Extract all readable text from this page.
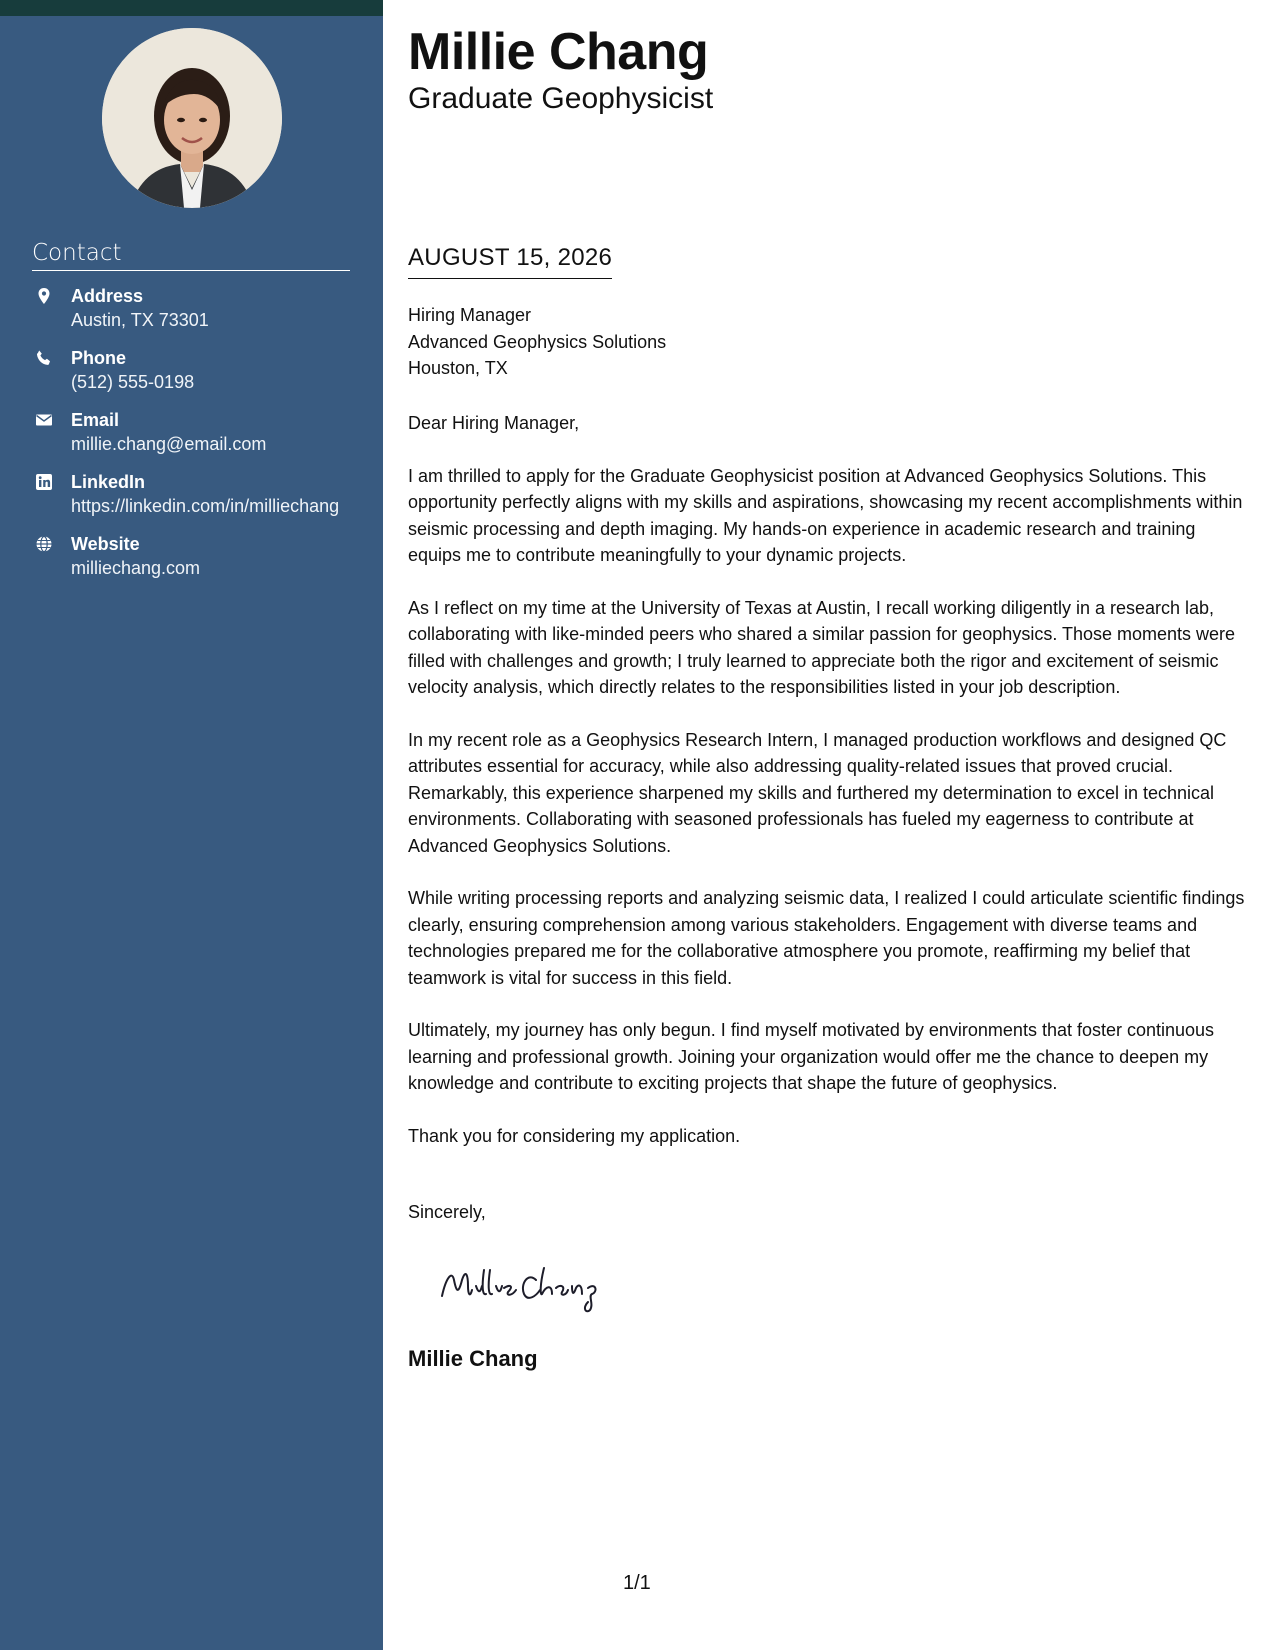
Contact
Address
Austin, TX 73301
Phone
(512) 555-0198
Email
millie.chang@email.com
LinkedIn
https://linkedin.com/in/milliechang
Website
milliechang.com
Millie Chang
Graduate Geophysicist
AUGUST 15, 2026
Hiring Manager
Advanced Geophysics Solutions
Houston, TX

Dear Hiring Manager,

I am thrilled to apply for the Graduate Geophysicist position at Advanced Geophysics Solutions. This opportunity perfectly aligns with my skills and aspirations, showcasing my recent accomplishments within seismic processing and depth imaging. My hands-on experience in academic research and training equips me to contribute meaningfully to your dynamic projects.

As I reflect on my time at the University of Texas at Austin, I recall working diligently in a research lab, collaborating with like-minded peers who shared a similar passion for geophysics. Those moments were filled with challenges and growth; I truly learned to appreciate both the rigor and excitement of seismic velocity analysis, which directly relates to the responsibilities listed in your job description.

In my recent role as a Geophysics Research Intern, I managed production workflows and designed QC attributes essential for accuracy, while also addressing quality-related issues that proved crucial. Remarkably, this experience sharpened my skills and furthered my determination to excel in technical environments. Collaborating with seasoned professionals has fueled my eagerness to contribute at Advanced Geophysics Solutions.

While writing processing reports and analyzing seismic data, I realized I could articulate scientific findings clearly, ensuring comprehension among various stakeholders. Engagement with diverse teams and technologies prepared me for the collaborative atmosphere you promote, reaffirming my belief that teamwork is vital for success in this field.

Ultimately, my journey has only begun. I find myself motivated by environments that foster continuous learning and professional growth. Joining your organization would offer me the chance to deepen my knowledge and contribute to exciting projects that shape the future of geophysics.

Thank you for considering my application.

Sincerely,
Millie Chang
1/1
